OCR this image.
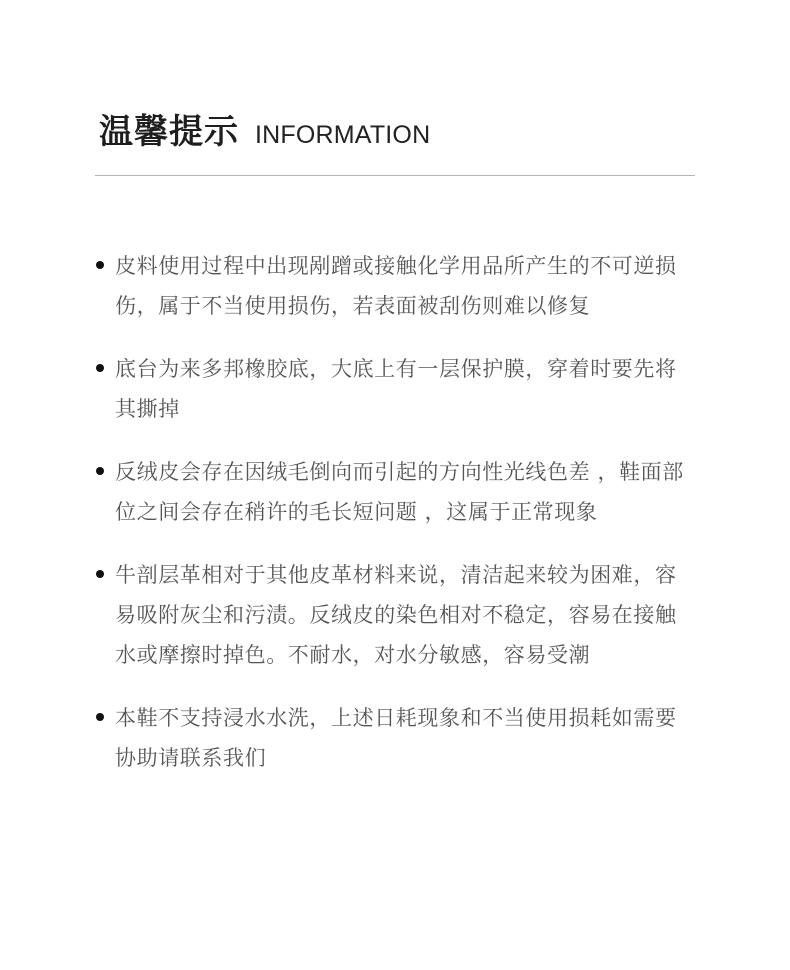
温馨提示 INFORMATION
皮料使用过程中出现剐蹭或接触化学用品所产生的不可逆损伤，属于不当使用损伤，若表面被刮伤则难以修复
底台为来多邦橡胶底，大底上有一层保护膜，穿着时要先将其撕掉
反绒皮会存在因绒毛倒向而引起的方向性光线色差 ，鞋面部位之间会存在稍许的毛长短问题 ，这属于正常现象
牛剖层革相对于其他皮革材料来说，清洁起来较为困难，容易吸附灰尘和污渍。反绒皮的染色相对不稳定，容易在接触水或摩擦时掉色。不耐水，对水分敏感，容易受潮
本鞋不支持浸水水洗，上述日耗现象和不当使用损耗如需要协助请联系我们
